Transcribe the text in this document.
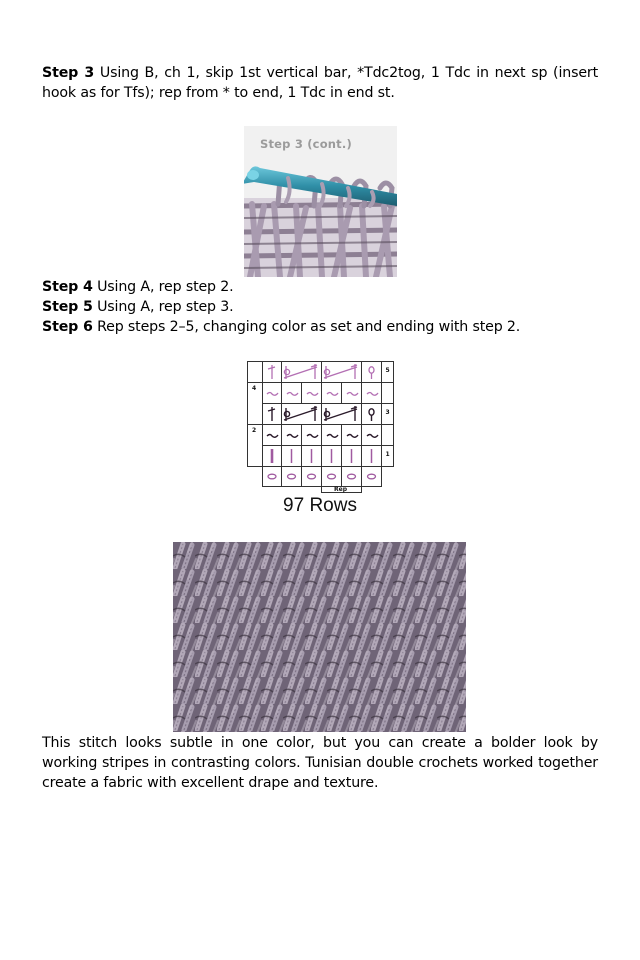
Step 3 Using B, ch 1, skip 1st vertical bar, *Tdc2tog, 1 Tdc in next sp (insert hook as for Tfs); rep from * to end, 1 Tdc in end st.
Step 3 (cont.)
Step 4 Using A, rep step 2.
Step 5 Using A, rep step 3.
Step 6 Rep steps 2–5, changing color as set and ending with step 2.
4
2
5
3
1
Rep
97 Rows
This stitch looks subtle in one color, but you can create a bolder look by working stripes in contrasting colors. Tunisian double crochets worked together create a fabric with excellent drape and texture.
